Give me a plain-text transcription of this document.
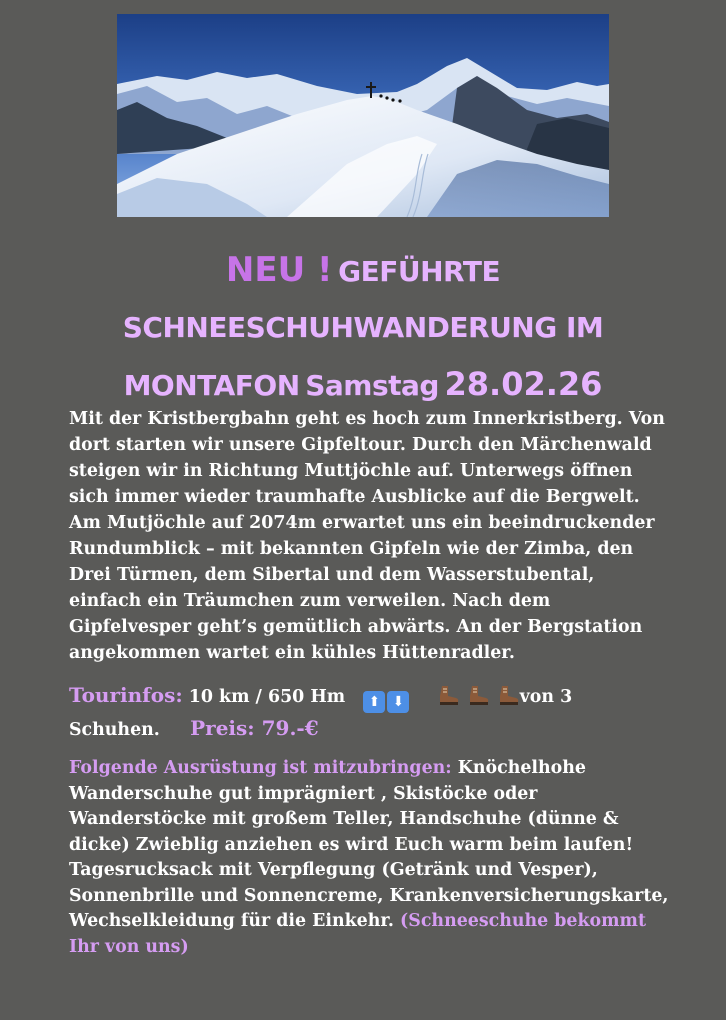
NEU ! GEFÜHRTE
SCHNEESCHUHWANDERUNG IM
MONTAFON Samstag 28.02.26
Mit der Kristbergbahn geht es hoch zum Innerkristberg. Von dort starten wir unsere Gipfeltour. Durch den Märchenwald steigen wir in Richtung Muttjöchle auf. Unterwegs öffnen sich immer wieder traumhafte Ausblicke auf die Bergwelt. Am Mutjöchle auf 2074m erwartet uns ein beeindruckender Rundumblick – mit bekannten Gipfeln wie der Zimba, den Drei Türmen, dem Sibertal und dem Wasserstubental, einfach ein Träumchen zum verweilen. Nach dem Gipfelvesper geht’s gemütlich abwärts. An der Bergstation angekommen wartet ein kühles Hüttenradler.
Tourinfos: 10 km / 650 Hm ⬆ ⬇	von 3
Schuhen. Preis: 79.-€
Folgende Ausrüstung ist mitzubringen: Knöchelhohe Wanderschuhe gut imprägniert , Skistöcke oder Wanderstöcke mit großem Teller, Handschuhe (dünne & dicke) Zwieblig anziehen es wird Euch warm beim laufen! Tagesrucksack mit Verpflegung (Getränk und Vesper), Sonnenbrille und Sonnencreme, Krankenversicherungskarte, Wechselkleidung für die Einkehr. (Schneeschuhe bekommt Ihr von uns)
